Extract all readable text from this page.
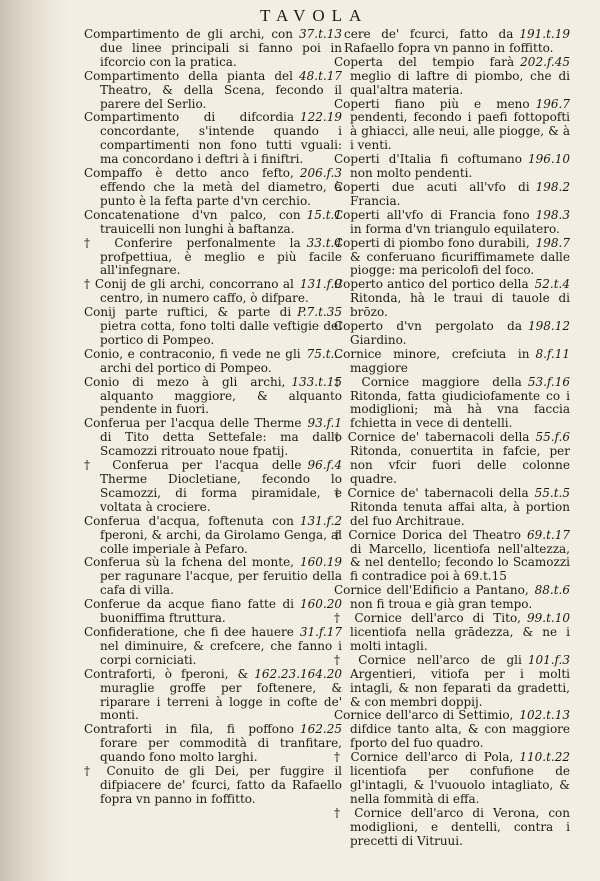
TAVOLA

37.t.13
Compartimento de gli archi, con due linee principali si fanno poi in ifcorcio con la pratica.

48.t.17
Compartimento della pianta del Theatro, & della Scena, fecondo il parere del Serlio.

122.19
Compartimento di difcordia concordante, s'intende quando i compartimenti non fono tutti vguali: ma concordano i deftri à i finiftri.

206.f.3
Compaffo è detto anco fefto, effendo che la metà del diametro, à punto è la fefta parte d'vn cerchio.

15.t.1
Concatenatione d'vn palco, con trauicelli non lunghi à baftanza.

33.t.4
† Conferire perfonalmente la profpettiua, è meglio e più facile all'infegnare.

131.f.9
† Conij de gli archi, concorrano al centro, in numero caffo, ò difpare.

P.7.t.35
Conij parte ruftici, & parte di pietra cotta, fono tolti dalle veftigie del portico di Pompeo.

75.t...
Conio, e contraconio, fi vede ne gli archi del portico di Pompeo.

133.t.15
Conio di mezo à gli archi, alquanto maggiore, & alquanto pendente in fuori.

93.f.1
Conferua per l'acqua delle Therme di Tito detta Settefale: ma dallo Scamozzi ritrouato noue fpatij.

96.f.4
† Conferua per l'acqua delle Therme Diocletiane, fecondo lo Scamozzi, di forma piramidale, e voltata à crociere.

131.f.2
Conferua d'acqua, foftenuta con fperoni, & archi, da Girolamo Genga, al colle imperiale à Pefaro.

160.19
Conferua sù la fchena del monte, per ragunare l'acque, per feruitio della cafa di villa.

160.20
Conferue da acque fiano fatte di buoniffima ftruttura.

31.f.17
Confideratione, che fi dee hauere nel diminuire, & crefcere, che fanno i corpi corniciati.

162.23.164.20
Contraforti, ò fperoni, & muraglie groffe per foftenere, & riparare i terreni à logge in cofte de' monti.

162.25
Contraforti in fila, fi poffono forare per commodità di tranfitare, quando fono molto larghi.

† Conuito de gli Dei, per fuggire il difpiacere de' fcurci, fatto da Rafaello fopra vn panno in foffitto.

191.t.19
cere de' fcurci, fatto da Rafaello fopra vn panno in foffitto.

202.f.45
Coperta del tempio farà meglio di laftre di piombo, che di qual'altra materia.

196.7
Coperti fiano più e meno pendenti, fecondo i paefi fottopofti à ghiacci, alle neui, alle piogge, & à i venti.

196.10
Coperti d'Italia fi coftumano non molto pendenti.

198.2
Coperti due acuti all'vfo di Francia.

198.3
Coperti all'vfo di Francia fono in forma d'vn triangulo equilatero.

198.7
Coperti di piombo fono durabili, & conferuano ficuriffimamete dalle piogge: ma pericolofi del foco.

52.t.4
Coperto antico del portico della Ritonda, hà le traui di tauole di brōzo.

198.12
Coperto d'vn pergolato da Giardino.

8.f.11
Cornice minore, crefciuta in maggiore

53.f.16
† Cornice maggiore della Ritonda, fatta giudiciofamente co i modiglioni; mà hà vna faccia fchietta in vece di dentelli.

55.f.6
† Cornice de' tabernacoli della Ritonda, conuertita in fafcie, per non vfcir fuori delle colonne quadre.

55.t.5
† Cornice de' tabernacoli della Ritonda tenuta affai alta, à portion del fuo Architraue.

69.t.17
† Cornice Dorica del Theatro di Marcello, licentiofa nell'altezza, & nel dentello; fecondo lo Scamozzi fi contradice poi à 69.t.15

88.t.6
Cornice dell'Edificio a Pantano, non fi troua e già gran tempo.

99.t.10
† Cornice dell'arco di Tito, licentiofa nella grādezza, & ne i molti intagli.

101.f.3
† Cornice nell'arco de gli Argentieri, vitiofa per i molti intagli, & non feparati da gradetti, & con membri doppij.

102.t.13
Cornice dell'arco di Settimio, difdice tanto alta, & con maggiore fporto del fuo quadro.

110.t.22
† Cornice dell'arco di Pola, licentiofa per confufione de gl'intagli, & l'vuouolo intagliato, & nella fommità di effa.

† Cornice dell'arco di Verona, con modiglioni, e dentelli, contra i precetti di Vitruui.
